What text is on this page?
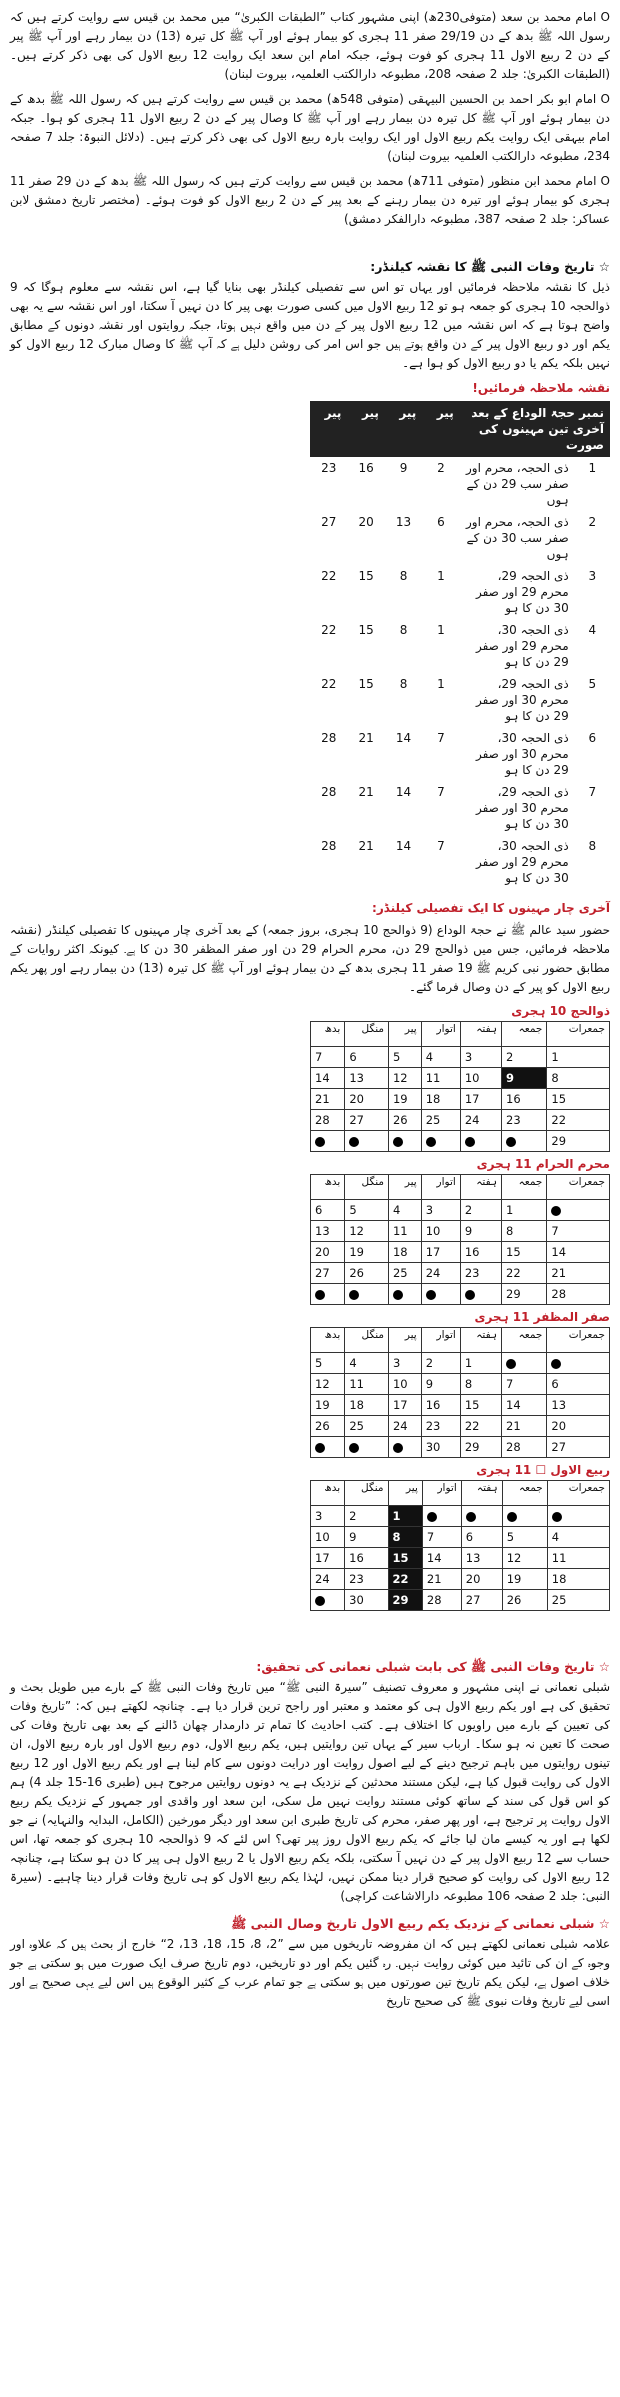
O امام محمد بن سعد (متوفی230ھ) اپنی مشہور کتاب ”الطبقات الکبریٰ“ میں محمد بن قیس سے روایت کرتے ہیں کہ رسول اللہ ﷺ بدھ کے دن 29/19 صفر 11 ہجری کو بیمار ہوئے اور آپ ﷺ کل تیرہ (13) دن بیمار رہے اور آپ ﷺ پیر کے دن 2 ربیع الاول 11 ہجری کو فوت ہوئے، جبکہ امام ابن سعد ایک روایت 12 ربیع الاول کی بھی ذکر کرتے ہیں۔ (الطبقات الکبریٰ: جلد 2 صفحہ 208، مطبوعہ دارالکتب العلمیہ، بیروت لبنان)

O امام ابو بکر احمد بن الحسین البیہقی (متوفی 548ھ) محمد بن قیس سے روایت کرتے ہیں کہ رسول اللہ ﷺ بدھ کے دن بیمار ہوئے اور آپ ﷺ کل تیرہ دن بیمار رہے اور آپ ﷺ کا وصال پیر کے دن 2 ربیع الاول 11 ہجری کو ہوا۔ جبکہ امام بیہقی ایک روایت یکم ربیع الاول اور ایک روایت بارہ ربیع الاول کی بھی ذکر کرتے ہیں۔ (دلائل النبوۃ: جلد 7 صفحہ 234، مطبوعہ دارالکتب العلمیہ بیروت لبنان)

O امام محمد ابن منظور (متوفی 711ھ) محمد بن قیس سے روایت کرتے ہیں کہ رسول اللہ ﷺ بدھ کے دن 29 صفر 11 ہجری کو بیمار ہوئے اور تیرہ دن بیمار رہنے کے بعد پیر کے دن 2 ربیع الاول کو فوت ہوئے۔ (مختصر تاریخ دمشق لابن عساکر: جلد 2 صفحہ 387، مطبوعہ دارالفکر دمشق)

☆ تاریخ وفات النبی ﷺ کا نقشہ کیلنڈر:

ذیل کا نقشہ ملاحظہ فرمائیں اور یہاں تو اس سے تفصیلی کیلنڈر بھی بنایا گیا ہے، اس نقشہ سے معلوم ہوگا کہ 9 ذوالحجہ 10 ہجری کو جمعہ ہو تو 12 ربیع الاول میں کسی صورت بھی پیر کا دن نہیں آ سکتا، اور اس نقشہ سے یہ بھی واضح ہوتا ہے کہ اس نقشہ میں 12 ربیع الاول پیر کے دن میں واقع نہیں ہوتا، جبکہ روایتوں اور نقشہ دونوں کے مطابق یکم اور دو ربیع الاول پیر کے دن واقع ہوتے ہیں جو اس امر کی روشن دلیل ہے کہ آپ ﷺ کا وصال مبارک 12 ربیع الاول کو نہیں بلکہ یکم یا دو ربیع الاول کو ہوا ہے۔

نقشہ ملاحظہ فرمائیں!

نمبر حجۃ الوداع کے بعد آخری تین مہینوں کی صورت		پیر	پیر	پیر	پیر
1	ذی الحجہ، محرم اور صفر سب 29 دن کے ہوں	2	9	16	23
2	ذی الحجہ، محرم اور صفر سب 30 دن کے ہوں	6	13	20	27
3	ذی الحجہ 29، محرم 29 اور صفر 30 دن کا ہو	1	8	15	22
4	ذی الحجہ 30، محرم 29 اور صفر 29 دن کا ہو	1	8	15	22
5	ذی الحجہ 29، محرم 30 اور صفر 29 دن کا ہو	1	8	15	22
6	ذی الحجہ 30، محرم 30 اور صفر 29 دن کا ہو	7	14	21	28
7	ذی الحجہ 29، محرم 30 اور صفر 30 دن کا ہو	7	14	21	28
8	ذی الحجہ 30، محرم 29 اور صفر 30 دن کا ہو	7	14	21	28

آخری چار مہینوں کا ایک تفصیلی کیلنڈر:

حضور سید عالم ﷺ نے حجۃ الوداع (9 ذوالحج 10 ہجری، بروز جمعہ) کے بعد آخری چار مہینوں کا تفصیلی کیلنڈر (نقشہ ملاحظہ فرمائیں، جس میں ذوالحج 29 دن، محرم الحرام 29 دن اور صفر المظفر 30 دن کا ہے۔ کیونکہ اکثر روایات کے مطابق حضور نبی کریم ﷺ 19 صفر 11 ہجری بدھ کے دن بیمار ہوئے اور آپ ﷺ کل تیرہ (13) دن بیمار رہے اور پھر یکم ربیع الاول کو پیر کے دن وصال فرما گئے۔

ذوالحج 10 ہجری
جمعرات	جمعہ	ہفتہ	اتوار	پیر	منگل	بدھ
1	2	3	4	5	6	7
8	9	10	11	12	13	14
15	16	17	18	19	20	21
22	23	24	25	26	27	28
29						
محرم الحرام 11 ہجری
جمعرات	جمعہ	ہفتہ	اتوار	پیر	منگل	بدھ
	1	2	3	4	5	6
7	8	9	10	11	12	13
14	15	16	17	18	19	20
21	22	23	24	25	26	27
28	29					
صفر المظفر 11 ہجری
جمعرات	جمعہ	ہفتہ	اتوار	پیر	منگل	بدھ
		1	2	3	4	5
6	7	8	9	10	11	12
13	14	15	16	17	18	19
20	21	22	23	24	25	26
27	28	29	30			
ربیع الاول ☐ 11 ہجری
جمعرات	جمعہ	ہفتہ	اتوار	پیر	منگل	بدھ
				1	2	3
4	5	6	7	8	9	10
11	12	13	14	15	16	17
18	19	20	21	22	23	24
25	26	27	28	29	30	

☆ تاریخ وفات النبی ﷺ کی بابت شبلی نعمانی کی تحقیق:

شبلی نعمانی نے اپنی مشہور و معروف تصنیف ”سیرۃ النبی ﷺ“ میں تاریخ وفات النبی ﷺ کے بارے میں طویل بحث و تحقیق کی ہے اور یکم ربیع الاول ہی کو معتمد و معتبر اور راجح ترین قرار دیا ہے۔ چنانچہ لکھتے ہیں کہ: ”تاریخ وفات کی تعیین کے بارے میں راویوں کا اختلاف ہے۔ کتب احادیث کا تمام تر دارمدار چھان ڈالنے کے بعد بھی تاریخ وفات کی صحت کا تعین نہ ہو سکا۔ ارباب سیر کے یہاں تین روایتیں ہیں، یکم ربیع الاول، دوم ربیع الاول اور بارہ ربیع الاول، ان تینوں روایتوں میں باہم ترجیح دینے کے لیے اصول روایت اور درایت دونوں سے کام لینا ہے اور یکم ربیع الاول اور 12 ربیع الاول کی روایت قبول کیا ہے، لیکن مستند محدثین کے نزدیک ہے یہ دونوں روایتیں مرجوح ہیں (طبری 16-15 جلد 4) ہم کو اس قول کی سند کے ساتھ کوئی مستند روایت نہیں مل سکی، ابن سعد اور واقدی اور جمہور کے نزدیک یکم ربیع الاول روایت پر ترجیح ہے، اور پھر صفر، محرم کی تاریخ طبری ابن سعد اور دیگر مورخین (الکامل، البدایہ والنہایہ) نے جو لکھا ہے اور یہ کیسے مان لیا جائے کہ یکم ربیع الاول روز پیر تھی؟ اس لئے کہ 9 ذوالحجہ 10 ہجری کو جمعہ تھا، اس حساب سے 12 ربیع الاول پیر کے دن نہیں آ سکتی، بلکہ یکم ربیع الاول یا 2 ربیع الاول ہی پیر کا دن ہو سکتا ہے، چنانچہ 12 ربیع الاول کی روایت کو صحیح قرار دینا ممکن نہیں، لہٰذا یکم ربیع الاول کو ہی تاریخ وفات قرار دینا چاہیے۔ (سیرۃ النبی: جلد 2 صفحہ 106 مطبوعہ دارالاشاعت کراچی)

☆ شبلی نعمانی کے نزدیک یکم ربیع الاول تاریخ وصال النبی ﷺ

علامہ شبلی نعمانی لکھتے ہیں کہ ان مفروضہ تاریخوں میں سے ”2، 8، 15، 18، 13، 2“ خارج از بحث ہیں کہ علاوہ اور وجوہ کے ان کی تائید میں کوئی روایت نہیں۔ رہ گئیں یکم اور دو تاریخیں، دوم تاریخ صرف ایک صورت میں ہو سکتی ہے جو خلاف اصول ہے، لیکن یکم تاریخ تین صورتوں میں ہو سکتی ہے جو تمام عرب کے کثیر الوقوع ہیں اس لیے یہی صحیح ہے اور اسی لیے تاریخ وفات نبوی ﷺ کی صحیح تاریخ
